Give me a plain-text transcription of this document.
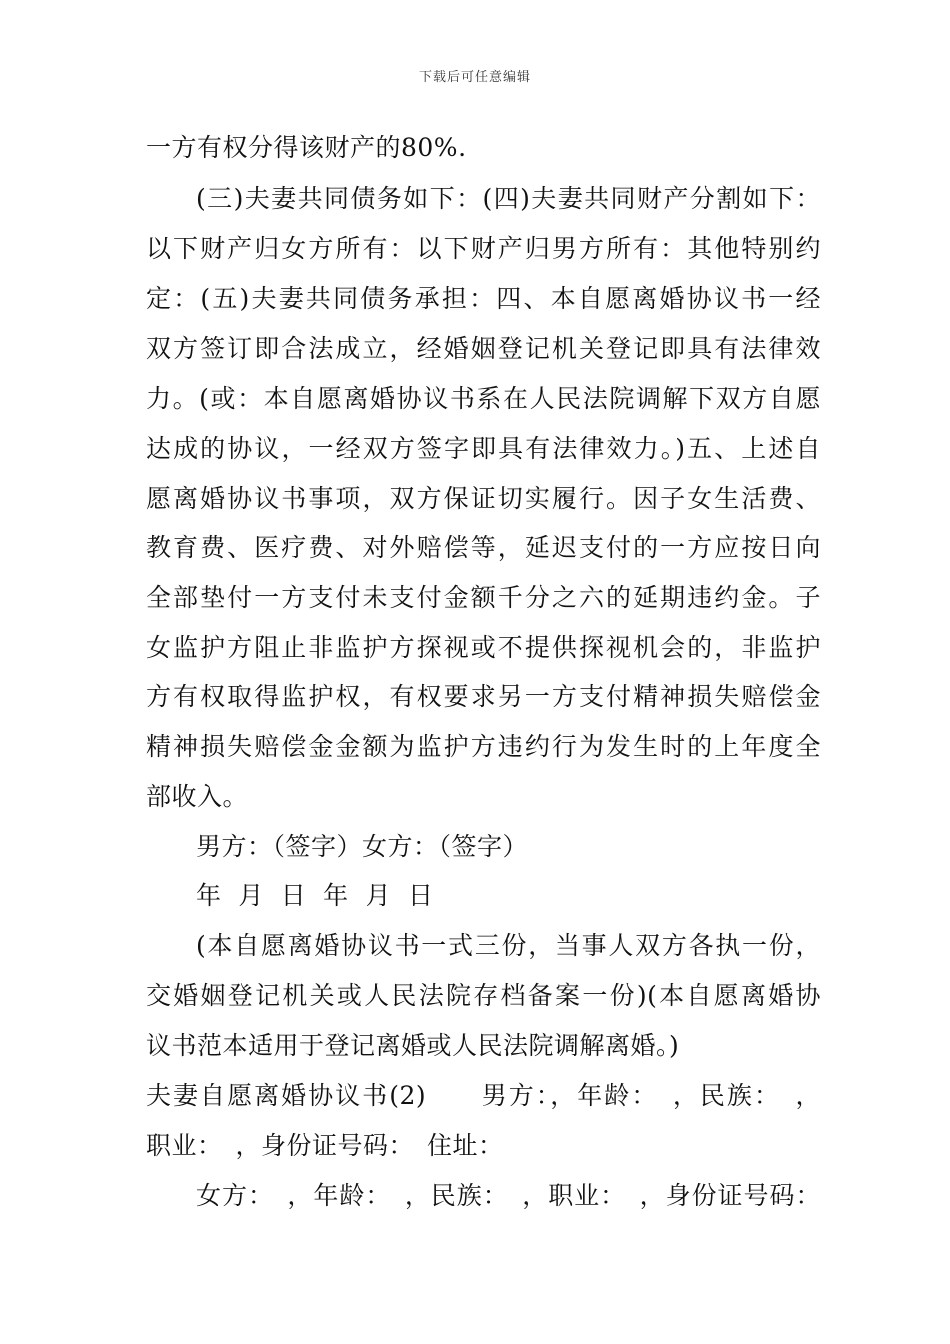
下载后可任意编辑
一方有权分得该财产的80%.
(三)夫妻共同债务如下：(四)夫妻共同财产分割如下：
以下财产归女方所有：以下财产归男方所有：其他特别约
定：(五)夫妻共同债务承担：四、本自愿离婚协议书一经
双方签订即合法成立，经婚姻登记机关登记即具有法律效
力。(或：本自愿离婚协议书系在人民法院调解下双方自愿
达成的协议，一经双方签字即具有法律效力。)五、上述自
愿离婚协议书事项，双方保证切实履行。因子女生活费、
教育费、医疗费、对外赔偿等，延迟支付的一方应按日向
全部垫付一方支付未支付金额千分之六的延期违约金。子
女监护方阻止非监护方探视或不提供探视机会的，非监护
方有权取得监护权，有权要求另一方支付精神损失赔偿金
精神损失赔偿金金额为监护方违约行为发生时的上年度全
部收入。
男方：（签字）女方：（签字）
年  月  日  年  月  日
(本自愿离婚协议书一式三份，当事人双方各执一份，
交婚姻登记机关或人民法院存档备案一份)(本自愿离婚协
议书范本适用于登记离婚或人民法院调解离婚。)
夫妻自愿离婚协议书(2)　　男方：，年龄：　，民族：　，
职业：　，身份证号码：　住址：
女方：　，年龄：　，民族：　，职业：　，身份证号码：
